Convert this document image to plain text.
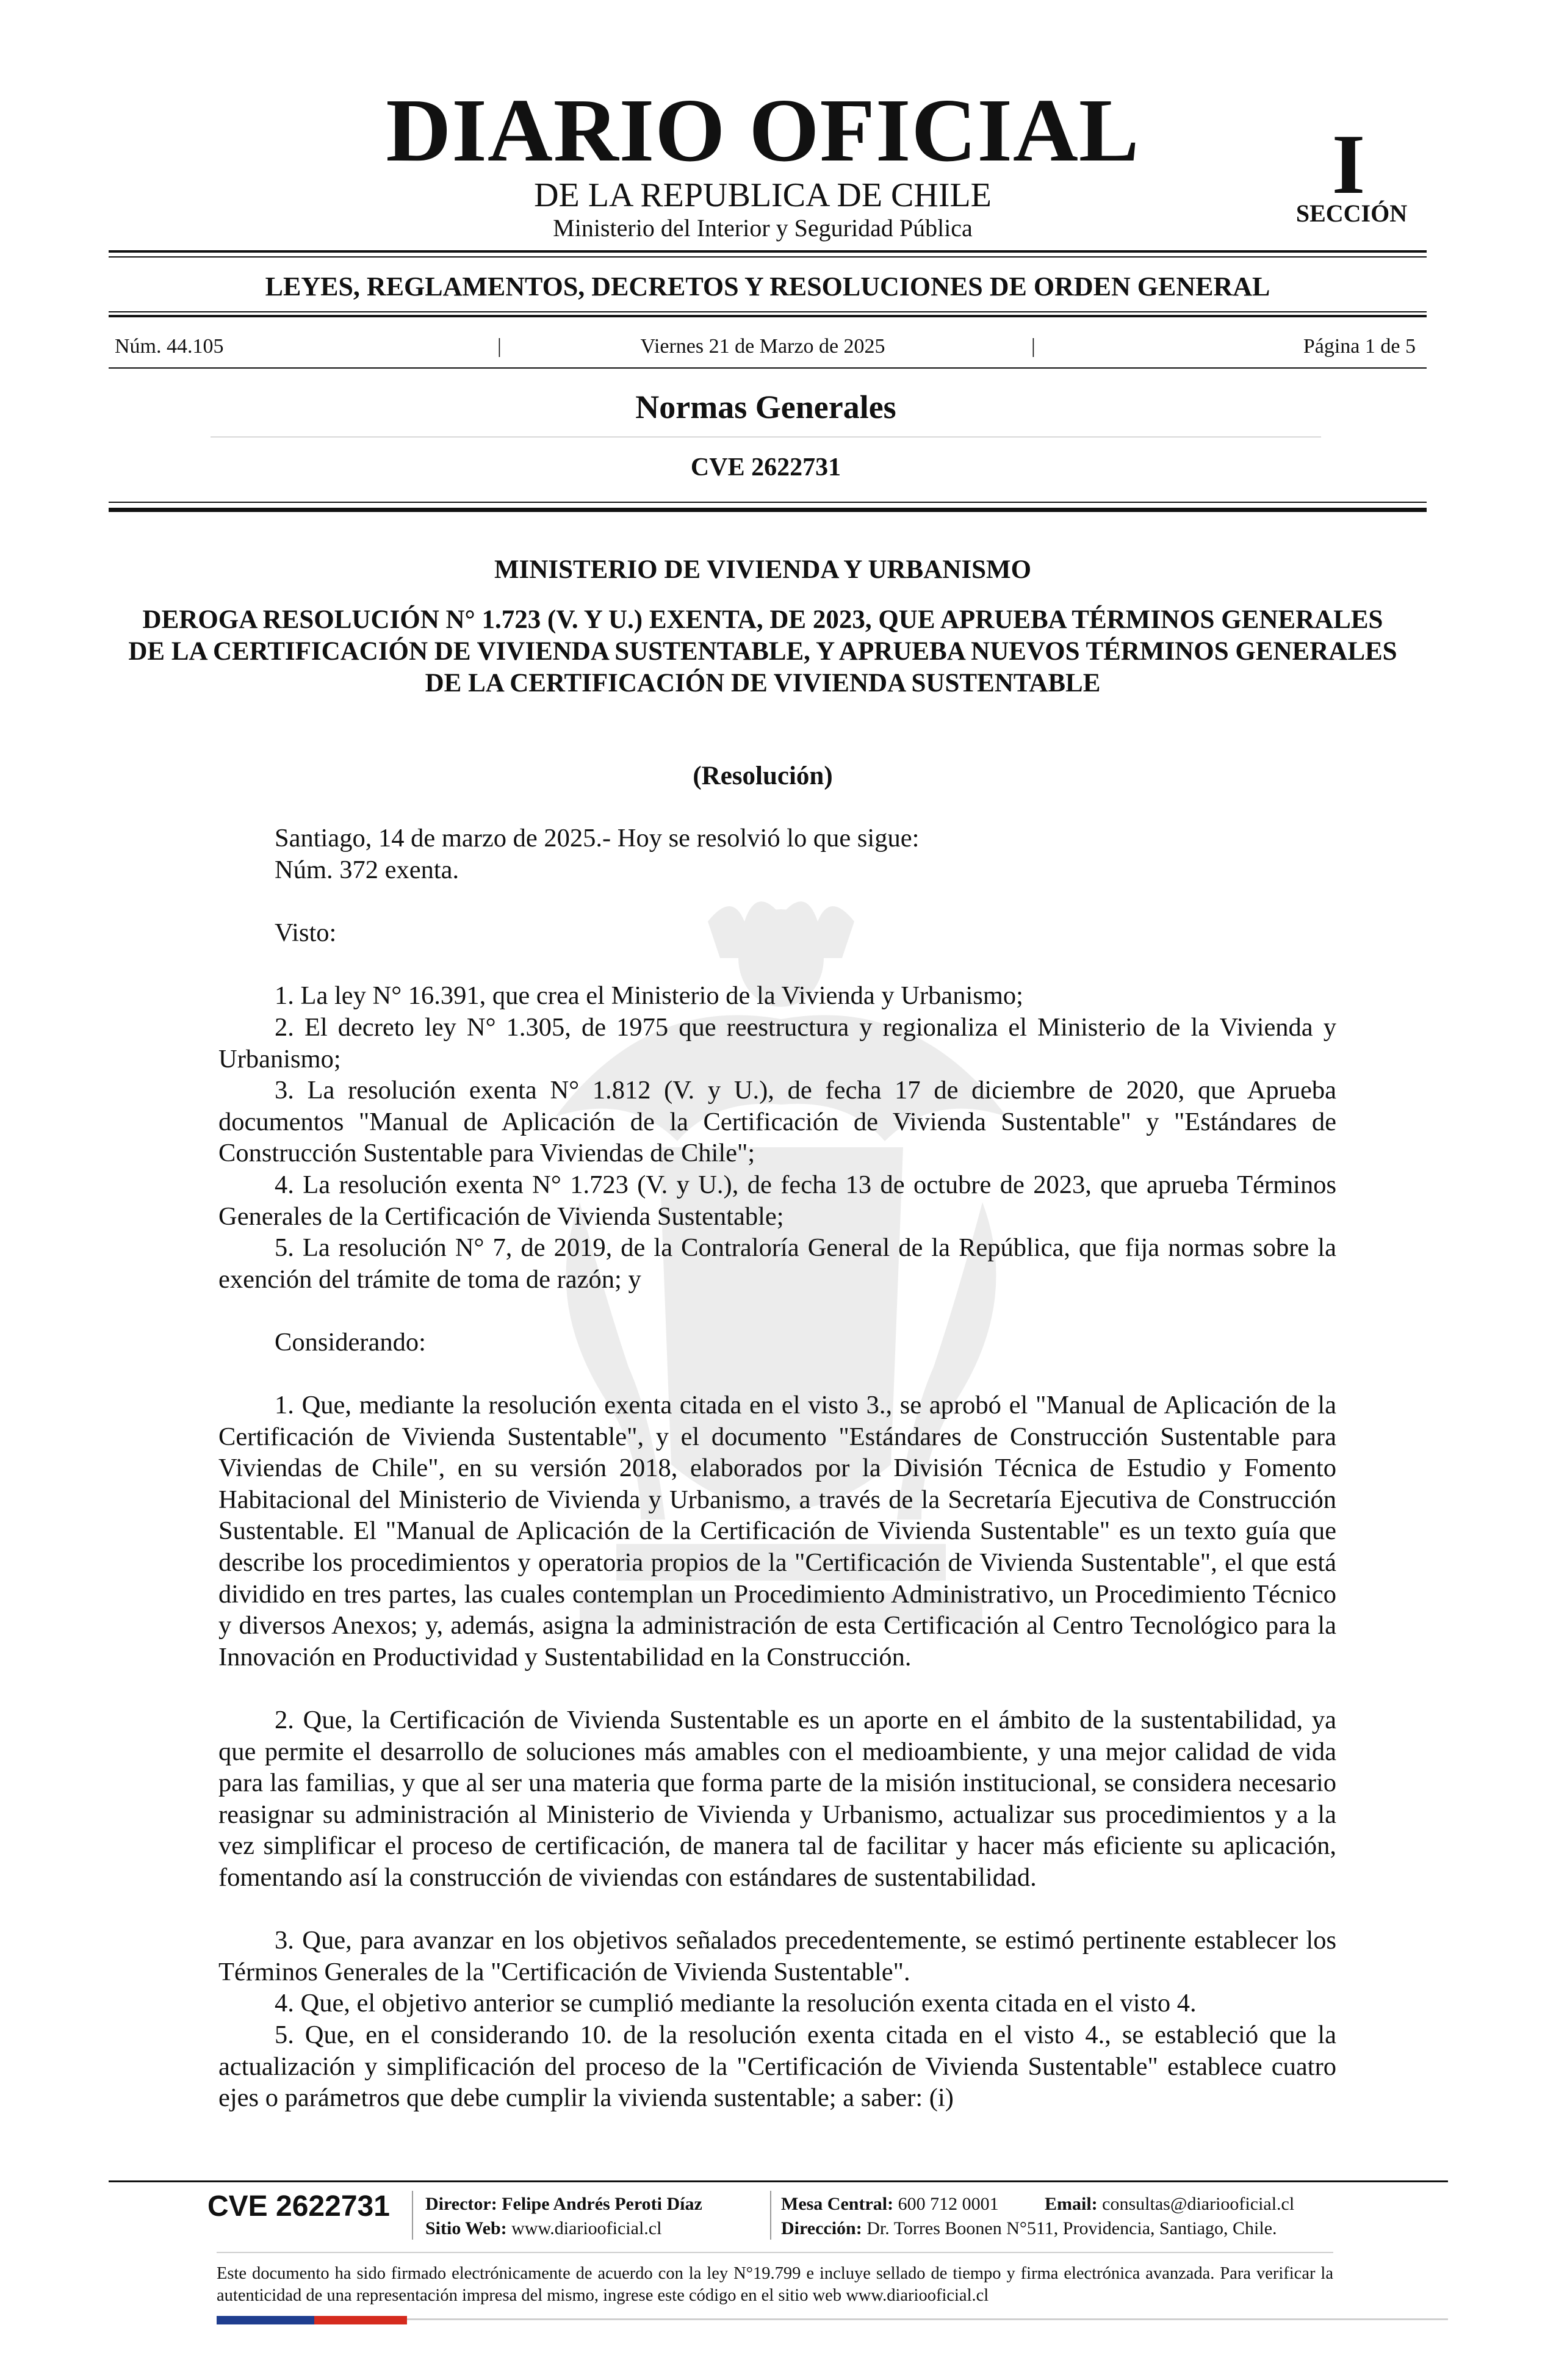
DIARIO OFICIAL
DE LA REPUBLICA DE CHILE
Ministerio del Interior y Seguridad Pública
I
SECCIÓN
LEYES, REGLAMENTOS, DECRETOS Y RESOLUCIONES DE ORDEN GENERAL
Núm. 44.105	|	Viernes 21 de Marzo de 2025	|	Página 1 de 5
Normas Generales
CVE 2622731
MINISTERIO DE VIVIENDA Y URBANISMO
DEROGA RESOLUCIÓN N° 1.723 (V. Y U.) EXENTA, DE 2023, QUE APRUEBA TÉRMINOS GENERALES DE LA CERTIFICACIÓN DE VIVIENDA SUSTENTABLE, Y APRUEBA NUEVOS TÉRMINOS GENERALES DE LA CERTIFICACIÓN DE VIVIENDA SUSTENTABLE
(Resolución)

Santiago, 14 de marzo de 2025.- Hoy se resolvió lo que sigue:

Núm. 372 exenta.

Visto:

1. La ley N° 16.391, que crea el Ministerio de la Vivienda y Urbanismo;

2. El decreto ley N° 1.305, de 1975 que reestructura y regionaliza el Ministerio de la Vivienda y Urbanismo;

3. La resolución exenta N° 1.812 (V. y U.), de fecha 17 de diciembre de 2020, que Aprueba documentos "Manual de Aplicación de la Certificación de Vivienda Sustentable" y "Estándares de Construcción Sustentable para Viviendas de Chile";

4. La resolución exenta N° 1.723 (V. y U.), de fecha 13 de octubre de 2023, que aprueba Términos Generales de la Certificación de Vivienda Sustentable;

5. La resolución N° 7, de 2019, de la Contraloría General de la República, que fija normas sobre la exención del trámite de toma de razón; y

Considerando:

1. Que, mediante la resolución exenta citada en el visto 3., se aprobó el "Manual de Aplicación de la Certificación de Vivienda Sustentable", y el documento "Estándares de Construcción Sustentable para Viviendas de Chile", en su versión 2018, elaborados por la División Técnica de Estudio y Fomento Habitacional del Ministerio de Vivienda y Urbanismo, a través de la Secretaría Ejecutiva de Construcción Sustentable. El "Manual de Aplicación de la Certificación de Vivienda Sustentable" es un texto guía que describe los procedimientos y operatoria propios de la "Certificación de Vivienda Sustentable", el que está dividido en tres partes, las cuales contemplan un Procedimiento Administrativo, un Procedimiento Técnico y diversos Anexos; y, además, asigna la administración de esta Certificación al Centro Tecnológico para la Innovación en Productividad y Sustentabilidad en la Construcción.

2. Que, la Certificación de Vivienda Sustentable es un aporte en el ámbito de la sustentabilidad, ya que permite el desarrollo de soluciones más amables con el medioambiente, y una mejor calidad de vida para las familias, y que al ser una materia que forma parte de la misión institucional, se considera necesario reasignar su administración al Ministerio de Vivienda y Urbanismo, actualizar sus procedimientos y a la vez simplificar el proceso de certificación, de manera tal de facilitar y hacer más eficiente su aplicación, fomentando así la construcción de viviendas con estándares de sustentabilidad.

3. Que, para avanzar en los objetivos señalados precedentemente, se estimó pertinente establecer los Términos Generales de la "Certificación de Vivienda Sustentable".

4. Que, el objetivo anterior se cumplió mediante la resolución exenta citada en el visto 4.

5. Que, en el considerando 10. de la resolución exenta citada en el visto 4., se estableció que la actualización y simplificación del proceso de la "Certificación de Vivienda Sustentable" establece cuatro ejes o parámetros que debe cumplir la vivienda sustentable; a saber: (i)

CVE 2622731	Director: Felipe Andrés Peroti Díaz
Sitio Web: www.diariooficial.cl
Mesa Central: 600 712 0001	Email: consultas@diariooficial.cl
Dirección: Dr. Torres Boonen N°511, Providencia, Santiago, Chile.
Este documento ha sido firmado electrónicamente de acuerdo con la ley N°19.799 e incluye sellado de tiempo y firma electrónica avanzada. Para verificar la autenticidad de una representación impresa del mismo, ingrese este código en el sitio web www.diariooficial.cl
